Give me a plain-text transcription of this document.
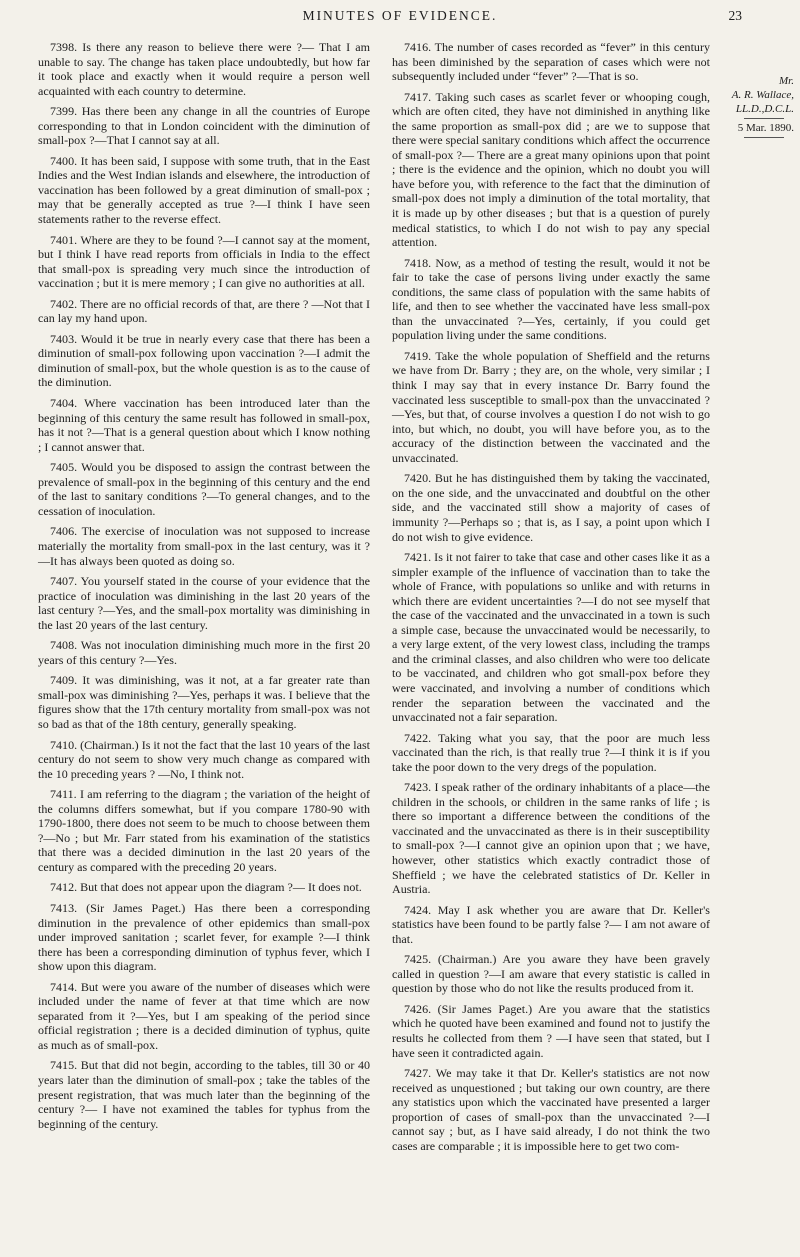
MINUTES OF EVIDENCE.	23

7398. Is there any reason to believe there were ?— That I am unable to say. The change has taken place undoubtedly, but how far it took place and exactly when it would require a person well acquainted with each country to determine.

7399. Has there been any change in all the countries of Europe corresponding to that in London coincident with the diminution of small-pox ?—That I cannot say at all.

7400. It has been said, I suppose with some truth, that in the East Indies and the West Indian islands and elsewhere, the introduction of vaccination has been followed by a great diminution of small-pox ; may that be generally accepted as true ?—I think I have seen statements rather to the reverse effect.

7401. Where are they to be found ?—I cannot say at the moment, but I think I have read reports from officials in India to the effect that small-pox is spreading very much since the introduction of vaccination ; but it is mere memory ; I can give no authorities at all.

7402. There are no official records of that, are there ? —Not that I can lay my hand upon.

7403. Would it be true in nearly every case that there has been a diminution of small-pox following upon vaccination ?—I admit the diminution of small-pox, but the whole question is as to the cause of the diminution.

7404. Where vaccination has been introduced later than the beginning of this century the same result has followed in small-pox, has it not ?—That is a general question about which I know nothing ; I cannot answer that.

7405. Would you be disposed to assign the contrast between the prevalence of small-pox in the beginning of this century and the end of the last to sanitary conditions ?—To general changes, and to the cessation of inoculation.

7406. The exercise of inoculation was not supposed to increase materially the mortality from small-pox in the last century, was it ?—It has always been quoted as doing so.

7407. You yourself stated in the course of your evidence that the practice of inoculation was diminishing in the last 20 years of the last century ?—Yes, and the small-pox mortality was diminishing in the last 20 years of the last century.

7408. Was not inoculation diminishing much more in the first 20 years of this century ?—Yes.

7409. It was diminishing, was it not, at a far greater rate than small-pox was diminishing ?—Yes, perhaps it was. I believe that the figures show that the 17th century mortality from small-pox was not so bad as that of the 18th century, generally speaking.

7410. (Chairman.) Is it not the fact that the last 10 years of the last century do not seem to show very much change as compared with the 10 preceding years ? —No, I think not.

7411. I am referring to the diagram ; the variation of the height of the columns differs somewhat, but if you compare 1780-90 with 1790-1800, there does not seem to be much to choose between them ?—No ; but Mr. Farr stated from his examination of the statistics that there was a decided diminution in the last 20 years of the century as compared with the preceding 20 years.

7412. But that does not appear upon the diagram ?— It does not.

7413. (Sir James Paget.) Has there been a corresponding diminution in the prevalence of other epidemics than small-pox under improved sanitation ; scarlet fever, for example ?—I think there has been a corresponding diminution of typhus fever, which I show upon this diagram.

7414. But were you aware of the number of diseases which were included under the name of fever at that time which are now separated from it ?—Yes, but I am speaking of the period since official registration ; there is a decided diminution of typhus, quite as much as of small-pox.

7415. But that did not begin, according to the tables, till 30 or 40 years later than the diminution of small-pox ; take the tables of the present registration, that was much later than the beginning of the century ?— I have not examined the tables for typhus from the beginning of the century.

7416. The number of cases recorded as “fever” in this century has been diminished by the separation of cases which were not subsequently included under “fever” ?—That is so.

7417. Taking such cases as scarlet fever or whooping cough, which are often cited, they have not diminished in anything like the same proportion as small-pox did ; are we to suppose that there were special sanitary conditions which affect the occurrence of small-pox ?— There are a great many opinions upon that point ; there is the evidence and the opinion, which no doubt you will have before you, with reference to the fact that the diminution of small-pox does not imply a diminution of the total mortality, that it is made up by other diseases ; but that is a question of purely medical statistics, to which I do not wish to pay any special attention.

7418. Now, as a method of testing the result, would it not be fair to take the case of persons living under exactly the same conditions, the same class of population with the same habits of life, and then to see whether the vaccinated have less small-pox than the unvaccinated ?—Yes, certainly, if you could get population living under the same conditions.

7419. Take the whole population of Sheffield and the returns we have from Dr. Barry ; they are, on the whole, very similar ; I think I may say that in every instance Dr. Barry found the vaccinated less susceptible to small-pox than the unvaccinated ?—Yes, but that, of course involves a question I do not wish to go into, but which, no doubt, you will have before you, as to the accuracy of the distinction between the vaccinated and the unvaccinated.

7420. But he has distinguished them by taking the vaccinated, on the one side, and the unvaccinated and doubtful on the other side, and the vaccinated still show a majority of cases of immunity ?—Perhaps so ; that is, as I say, a point upon which I do not wish to give evidence.

7421. Is it not fairer to take that case and other cases like it as a simpler example of the influence of vaccination than to take the whole of France, with populations so unlike and with returns in which there are evident uncertainties ?—I do not see myself that the case of the vaccinated and the unvaccinated in a town is such a simple case, because the unvaccinated would be necessarily, to a very large extent, of the very lowest class, including the tramps and the criminal classes, and also children who were too delicate to be vaccinated, and children who got small-pox before they were vaccinated, and involving a number of conditions which render the separation between the vaccinated and the unvaccinated not a fair separation.

7422. Taking what you say, that the poor are much less vaccinated than the rich, is that really true ?—I think it is if you take the poor down to the very dregs of the population.

7423. I speak rather of the ordinary inhabitants of a place—the children in the schools, or children in the same ranks of life ; is there so important a difference between the conditions of the vaccinated and the unvaccinated as there is in their susceptibility to small-pox ?—I cannot give an opinion upon that ; we have, however, other statistics which exactly contradict those of Sheffield ; we have the celebrated statistics of Dr. Keller in Austria.

7424. May I ask whether you are aware that Dr. Keller's statistics have been found to be partly false ?— I am not aware of that.

7425. (Chairman.) Are you aware they have been gravely called in question ?—I am aware that every statistic is called in question by those who do not like the results produced from it.

7426. (Sir James Paget.) Are you aware that the statistics which he quoted have been examined and found not to justify the results he collected from them ? —I have seen that stated, but I have seen it contradicted again.

7427. We may take it that Dr. Keller's statistics are not now received as unquestioned ; but taking our own country, are there any statistics upon which the vaccinated have presented a larger proportion of cases of small-pox than the unvaccinated ?—I cannot say ; but, as I have said already, I do not think the two cases are comparable ; it is impossible here to get two com-

Mr.
A. R. Wallace,
LL.D.,D.C.L.

5 Mar. 1890.
